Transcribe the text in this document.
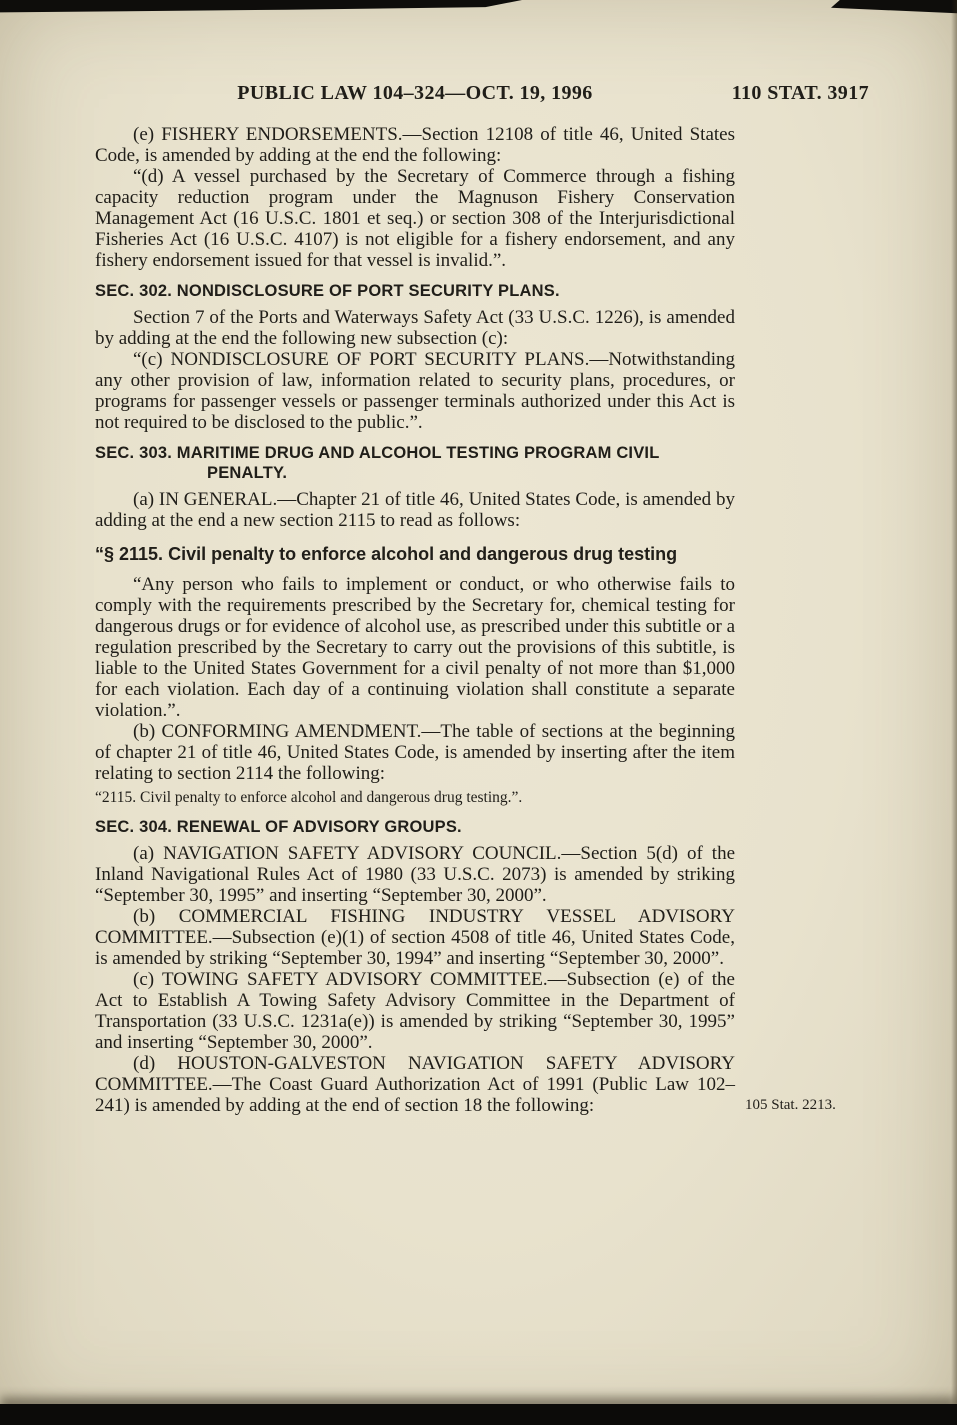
PUBLIC LAW 104–324—OCT. 19, 1996	110 STAT. 3917

(e) FISHERY ENDORSEMENTS.—Section 12108 of title 46, United States Code, is amended by adding at the end the following:

“(d) A vessel purchased by the Secretary of Commerce through a fishing capacity reduction program under the Magnuson Fishery Conservation Management Act (16 U.S.C. 1801 et seq.) or section 308 of the Interjurisdictional Fisheries Act (16 U.S.C. 4107) is not eligible for a fishery endorsement, and any fishery endorsement issued for that vessel is invalid.”.

SEC. 302. NONDISCLOSURE OF PORT SECURITY PLANS.

Section 7 of the Ports and Waterways Safety Act (33 U.S.C. 1226), is amended by adding at the end the following new subsection (c):

“(c) NONDISCLOSURE OF PORT SECURITY PLANS.—Notwithstanding any other provision of law, information related to security plans, procedures, or programs for passenger vessels or passenger terminals authorized under this Act is not required to be disclosed to the public.”.

SEC. 303. MARITIME DRUG AND ALCOHOL TESTING PROGRAM CIVIL PENALTY.

(a) IN GENERAL.—Chapter 21 of title 46, United States Code, is amended by adding at the end a new section 2115 to read as follows:

“§ 2115. Civil penalty to enforce alcohol and dangerous drug testing

“Any person who fails to implement or conduct, or who otherwise fails to comply with the requirements prescribed by the Secretary for, chemical testing for dangerous drugs or for evidence of alcohol use, as prescribed under this subtitle or a regulation prescribed by the Secretary to carry out the provisions of this subtitle, is liable to the United States Government for a civil penalty of not more than $1,000 for each violation. Each day of a continuing violation shall constitute a separate violation.”.

(b) CONFORMING AMENDMENT.—The table of sections at the beginning of chapter 21 of title 46, United States Code, is amended by inserting after the item relating to section 2114 the following:

“2115. Civil penalty to enforce alcohol and dangerous drug testing.”.

SEC. 304. RENEWAL OF ADVISORY GROUPS.

(a) NAVIGATION SAFETY ADVISORY COUNCIL.—Section 5(d) of the Inland Navigational Rules Act of 1980 (33 U.S.C. 2073) is amended by striking “September 30, 1995” and inserting “September 30, 2000”.

(b) COMMERCIAL FISHING INDUSTRY VESSEL ADVISORY COMMITTEE.—Subsection (e)(1) of section 4508 of title 46, United States Code, is amended by striking “September 30, 1994” and inserting “September 30, 2000”.

(c) TOWING SAFETY ADVISORY COMMITTEE.—Subsection (e) of the Act to Establish A Towing Safety Advisory Committee in the Department of Transportation (33 U.S.C. 1231a(e)) is amended by striking “September 30, 1995” and inserting “September 30, 2000”.

(d) HOUSTON-GALVESTON NAVIGATION SAFETY ADVISORY COMMITTEE.—The Coast Guard Authorization Act of 1991 (Public Law 102–241) is amended by adding at the end of section 18 the following:	105 Stat. 2213.
